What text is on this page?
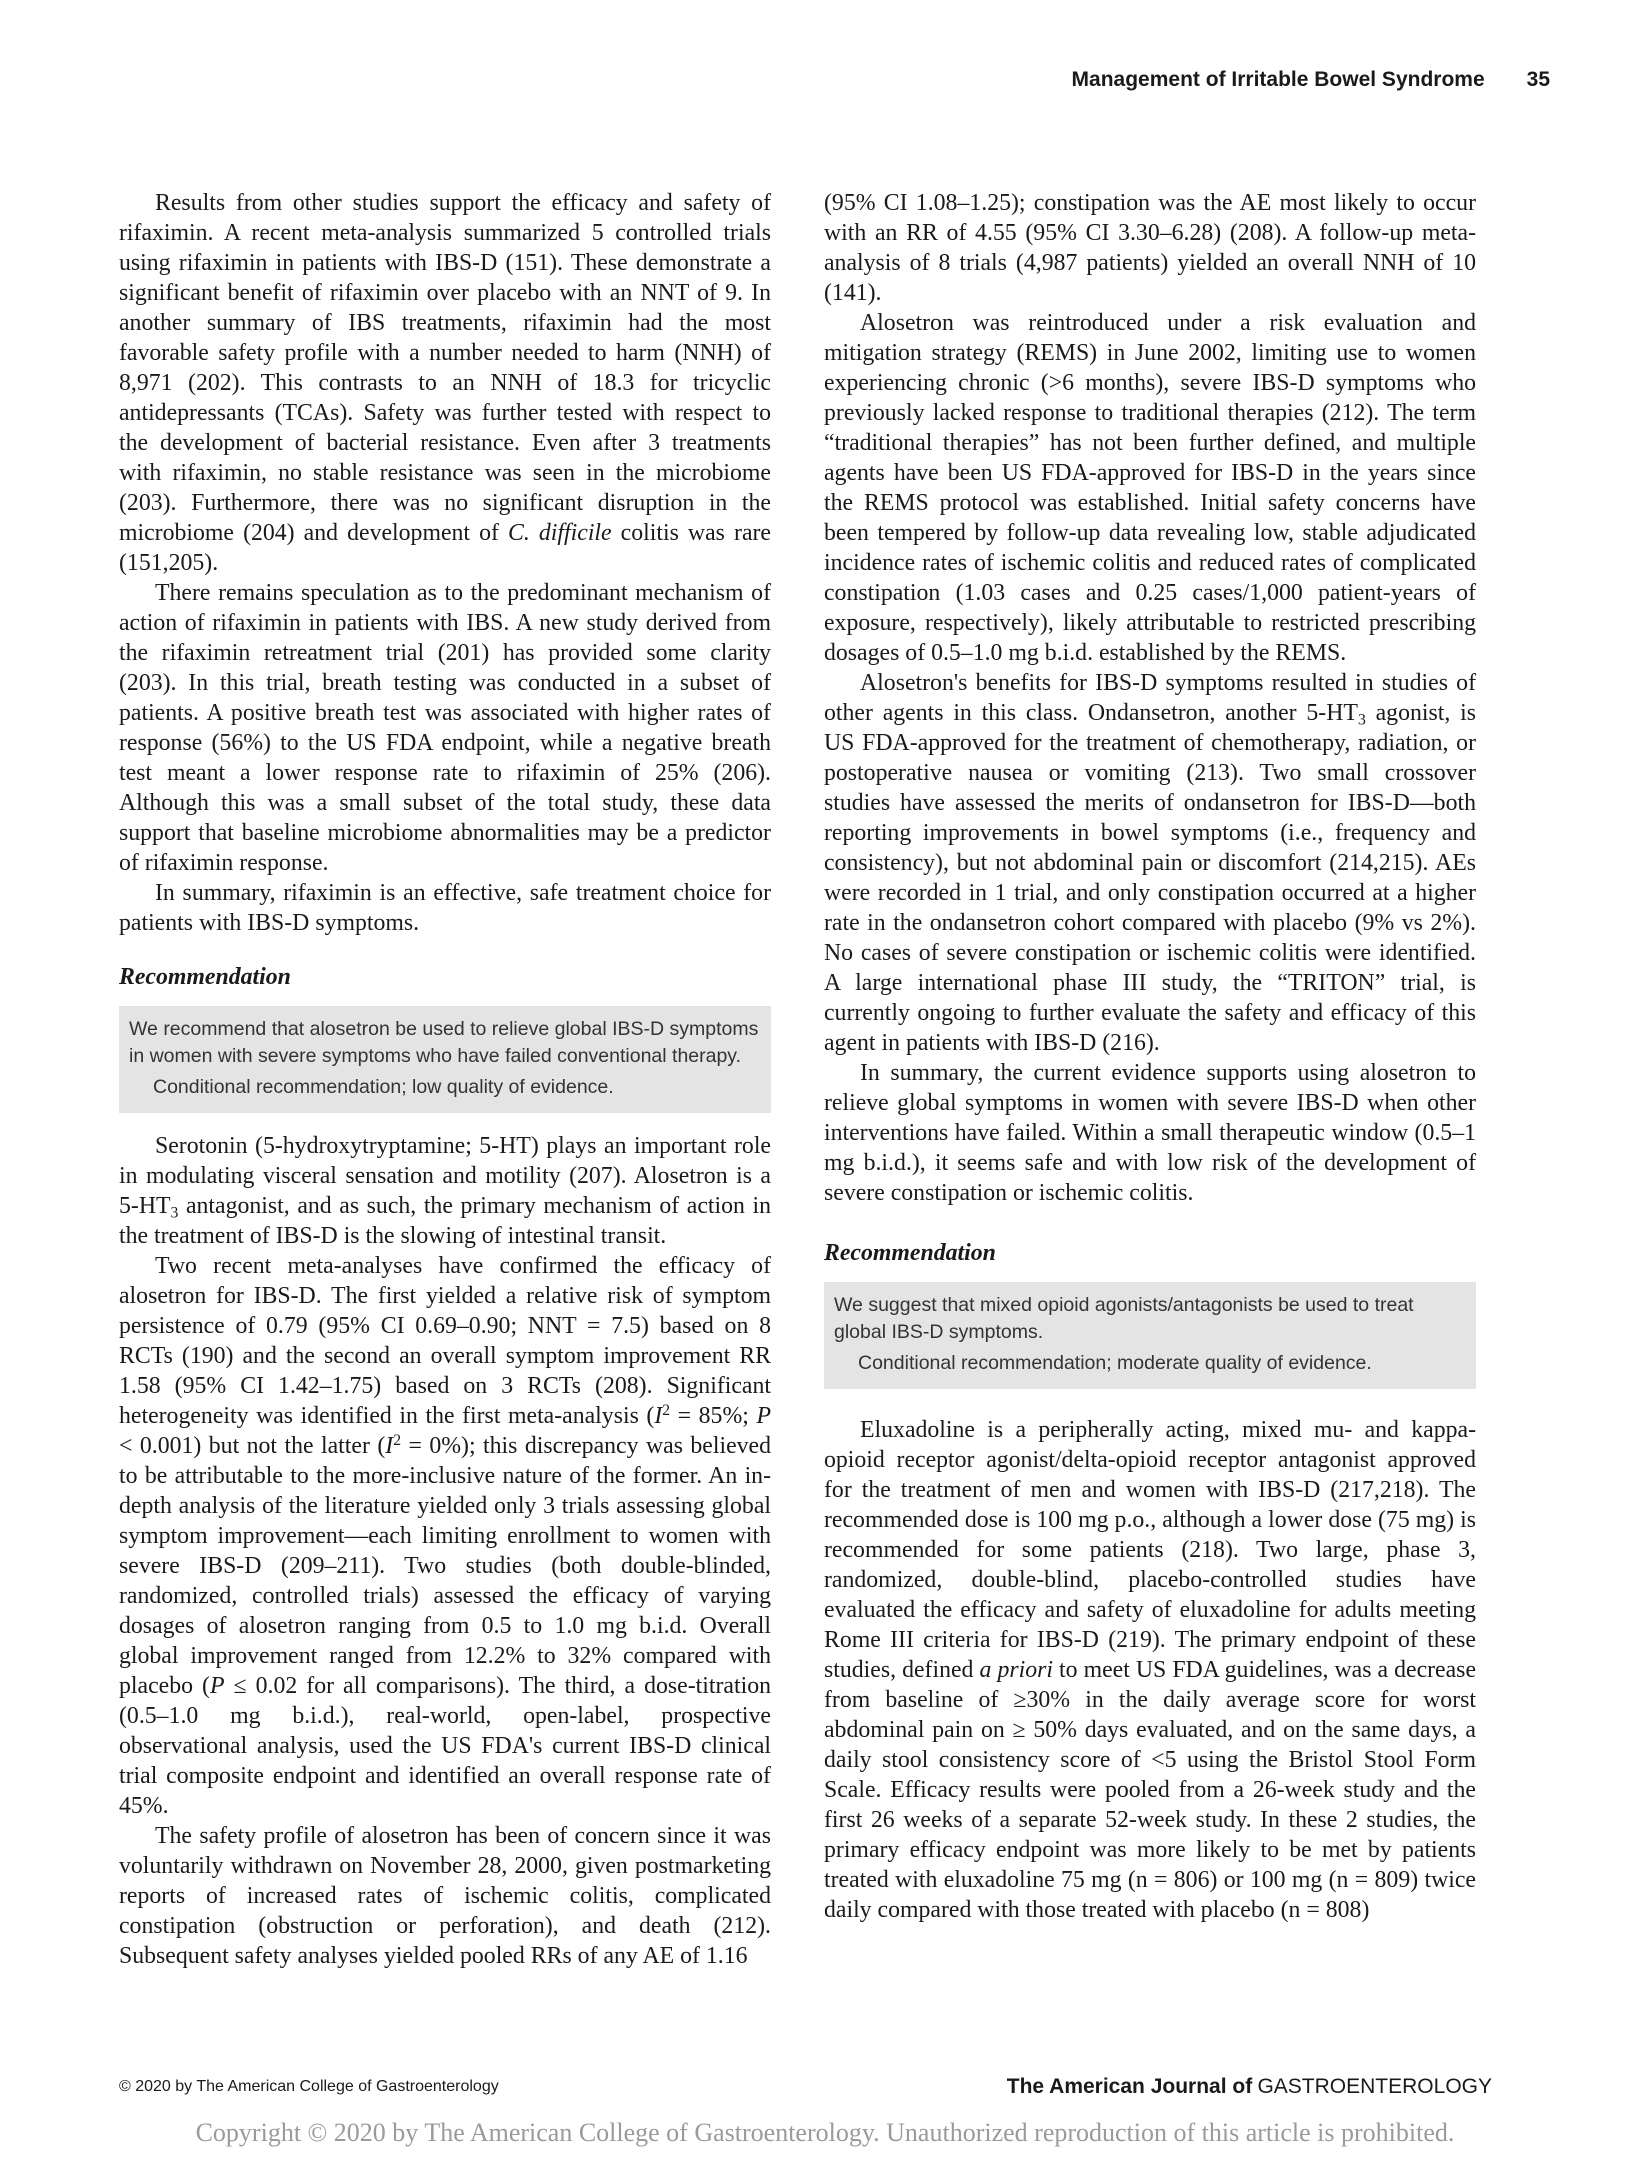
Management of Irritable Bowel Syndrome 35

Results from other studies support the efficacy and safety of rifaximin. A recent meta-analysis summarized 5 controlled trials using rifaximin in patients with IBS-D (151). These demonstrate a significant benefit of rifaximin over placebo with an NNT of 9. In another summary of IBS treatments, rifaximin had the most favorable safety profile with a number needed to harm (NNH) of 8,971 (202). This contrasts to an NNH of 18.3 for tricyclic antidepressants (TCAs). Safety was further tested with respect to the development of bacterial resistance. Even after 3 treatments with rifaximin, no stable resistance was seen in the microbiome (203). Furthermore, there was no significant disruption in the microbiome (204) and development of C. difficile colitis was rare (151,205).

There remains speculation as to the predominant mechanism of action of rifaximin in patients with IBS. A new study derived from the rifaximin retreatment trial (201) has provided some clarity (203). In this trial, breath testing was conducted in a subset of patients. A positive breath test was associated with higher rates of response (56%) to the US FDA endpoint, while a negative breath test meant a lower response rate to rifaximin of 25% (206). Although this was a small subset of the total study, these data support that baseline microbiome abnormalities may be a predictor of rifaximin response.

In summary, rifaximin is an effective, safe treatment choice for patients with IBS-D symptoms.

Recommendation
We recommend that alosetron be used to relieve global IBS-D symptoms in women with severe symptoms who have failed conventional therapy.
Conditional recommendation; low quality of evidence.

Serotonin (5-hydroxytryptamine; 5-HT) plays an important role in modulating visceral sensation and motility (207). Alosetron is a $5-HT_3$ antagonist, and as such, the primary mechanism of action in the treatment of IBS-D is the slowing of intestinal transit.

Two recent meta-analyses have confirmed the efficacy of alosetron for IBS-D. The first yielded a relative risk of symptom persistence of 0.79 (95% CI 0.69–0.90; NNT = 7.5) based on 8 RCTs (190) and the second an overall symptom improvement RR 1.58 (95% CI 1.42–1.75) based on 3 RCTs (208). Significant heterogeneity was identified in the first meta-analysis ($I^2 = 85\%$; P < 0.001) but not the latter $(I^2 = 0\%)$; this discrepancy was believed to be attributable to the more-inclusive nature of the former. An in-depth analysis of the literature yielded only 3 trials assessing global symptom improvement—each limiting enrollment to women with severe IBS-D (209–211). Two studies (both double-blinded, randomized, controlled trials) assessed the efficacy of varying dosages of alosetron ranging from 0.5 to 1.0 mg b.i.d. Overall global improvement ranged from 12.2% to 32% compared with placebo (P ≤ 0.02 for all comparisons). The third, a dose-titration (0.5–1.0 mg b.i.d.), real-world, open-label, prospective observational analysis, used the US FDA's current IBS-D clinical trial composite endpoint and identified an overall response rate of 45%.

The safety profile of alosetron has been of concern since it was voluntarily withdrawn on November 28, 2000, given postmarketing reports of increased rates of ischemic colitis, complicated constipation (obstruction or perforation), and death (212). Subsequent safety analyses yielded pooled RRs of any AE of 1.16

(95% CI 1.08–1.25); constipation was the AE most likely to occur with an RR of 4.55 (95% CI 3.30–6.28) (208). A follow-up meta-analysis of 8 trials (4,987 patients) yielded an overall NNH of 10 (141).

Alosetron was reintroduced under a risk evaluation and mitigation strategy (REMS) in June 2002, limiting use to women experiencing chronic (>6 months), severe IBS-D symptoms who previously lacked response to traditional therapies (212). The term “traditional therapies” has not been further defined, and multiple agents have been US FDA-approved for IBS-D in the years since the REMS protocol was established. Initial safety concerns have been tempered by follow-up data revealing low, stable adjudicated incidence rates of ischemic colitis and reduced rates of complicated constipation (1.03 cases and 0.25 cases/1,000 patient-years of exposure, respectively), likely attributable to restricted prescribing dosages of 0.5–1.0 mg b.i.d. established by the REMS.

Alosetron's benefits for IBS-D symptoms resulted in studies of other agents in this class. Ondansetron, another $5-HT_3$ agonist, is US FDA-approved for the treatment of chemotherapy, radiation, or postoperative nausea or vomiting (213). Two small crossover studies have assessed the merits of ondansetron for IBS-D—both reporting improvements in bowel symptoms (i.e., frequency and consistency), but not abdominal pain or discomfort (214,215). AEs were recorded in 1 trial, and only constipation occurred at a higher rate in the ondansetron cohort compared with placebo (9% vs 2%). No cases of severe constipation or ischemic colitis were identified. A large international phase III study, the “TRITON” trial, is currently ongoing to further evaluate the safety and efficacy of this agent in patients with IBS-D (216).

In summary, the current evidence supports using alosetron to relieve global symptoms in women with severe IBS-D when other interventions have failed. Within a small therapeutic window (0.5–1 mg b.i.d.), it seems safe and with low risk of the development of severe constipation or ischemic colitis.

Recommendation
We suggest that mixed opioid agonists/antagonists be used to treat global IBS-D symptoms.
Conditional recommendation; moderate quality of evidence.

Eluxadoline is a peripherally acting, mixed mu- and kappa-opioid receptor agonist/delta-opioid receptor antagonist approved for the treatment of men and women with IBS-D (217,218). The recommended dose is 100 mg p.o., although a lower dose (75 mg) is recommended for some patients (218). Two large, phase 3, randomized, double-blind, placebo-controlled studies have evaluated the efficacy and safety of eluxadoline for adults meeting Rome III criteria for IBS-D (219). The primary endpoint of these studies, defined a priori to meet US FDA guidelines, was a decrease from baseline of ≥30% in the daily average score for worst abdominal pain on ≥ 50% days evaluated, and on the same days, a daily stool consistency score of <5 using the Bristol Stool Form Scale. Efficacy results were pooled from a 26-week study and the first 26 weeks of a separate 52-week study. In these 2 studies, the primary efficacy endpoint was more likely to be met by patients treated with eluxadoline 75 mg (n = 806) or 100 mg (n = 809) twice daily compared with those treated with placebo (n = 808)

© 2020 by The American College of Gastroenterology	The American Journal of GASTROENTEROLOGY
Copyright © 2020 by The American College of Gastroenterology. Unauthorized reproduction of this article is prohibited.
